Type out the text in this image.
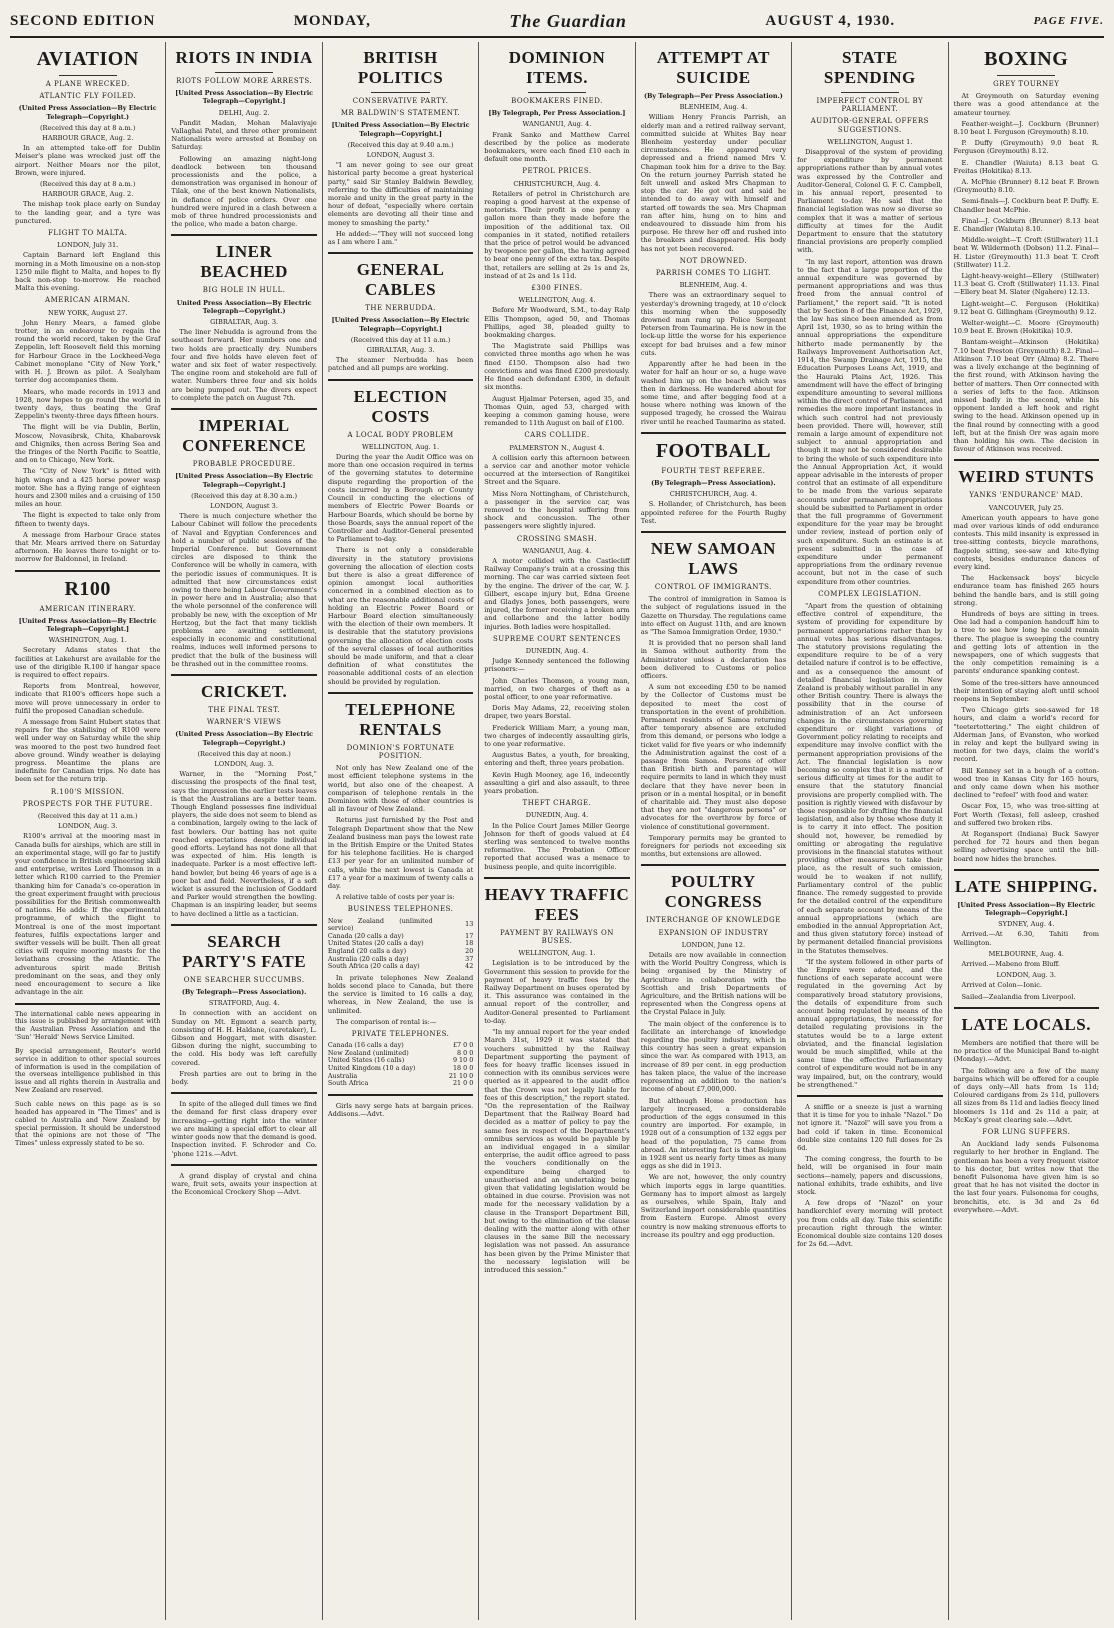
SECOND EDITION	MONDAY,	The Guardian	AUGUST 4, 1930.	PAGE FIVE.
AVIATION
A PLANE WRECKED.
ATLANTIC FLY FOILED.
(United Press Association—By Electric Telegraph—Copyright.)
(Received this day at 8 a.m.)
HARBOUR GRACE, Aug. 2.

In an attempted take-off for Dublin Meiser's plane was wrecked just off the airport. Neither Mears nor the pilot, Brown, were injured.

(Received this day at 8 a.m.)
HARBOUR GRACE, Aug. 2.

The mishap took place early on Sunday to the landing gear, and a tyre was punctured.

FLIGHT TO MALTA.
LONDON, July 31.

Captain Barnard left England this morning in a Moth limousine on a non-stop 1250 mile flight to Malta, and hopes to fly back non-stop to-morrow. He reached Malta this evening.

AMERICAN AIRMAN.
NEW YORK, August 27.

John Henry Mears, a famed globe trotter, in an endeavour to regain the round the world record, taken by the Graf Zeppelin, left Roosevelt field this morning for Harbour Grace in the Lockheed-Vega Cabinet monoplane "City of New York," with H. J. Brown as pilot. A Sealyham terrier dog accompanies them.

Mears, who made records in 1913 and 1928, now hopes to go round the world in twenty days, thus beating the Graf Zeppelin's twenty-three days fifteen hours.

The flight will be via Dublin, Berlin, Moscow, Novasibrsk, Chita, Khabarovsk and Chigniks, then across Bering Sea and the fringes of the North Pacific to Seattle, and on to Chicago, New York.

The "City of New York" is fitted with high wings and a 425 horse power wasp motor. She has a flying range of eighteen hours and 2300 miles and a cruising of 150 miles an hour.

The flight is expected to take only from fifteen to twenty days.

A message from Harbour Grace states that Mr. Mears arrived there on Saturday afternoon. He leaves there to-night or to-morrow for Baldonnel, in Ireland.

R100
AMERICAN ITINERARY.
[United Press Association—By Electric Telegraph—Copyright.]
WASHINGTON, Aug. 1.

Secretary Adams states that the facilities at Lakehurst are available for the use of the dirigible R.100 if hangar space is required to effect repairs.

Reports from Montreal, however, indicate that R100's officers hope such a move will prove unnecessary in order to fulfil the proposed Canadian schedule.

A message from Saint Hubert states that repairs for the stabilising of R100 were well under way on Saturday while the ship was moored to the post two hundred feet above ground. Windy weather is delaying progress. Meantime the plans are indefinite for Canadian trips. No date has been set for the return trip.

R.100'S MISSION.
PROSPECTS FOR THE FUTURE.
(Received this day at 11 a.m.)
LONDON, Aug. 3.

R100's arrival at the mooring mast in Canada bulls for airships, which are still in an experimental stage, will go far to justify your confidence in British engineering skill and enterprise, writes Lord Thomson in a letter which R100 carried to the Premier thanking him for Canada's co-operation in the great experiment fraught with precious possibilities for the British commonwealth of nations. He adds: If the experimental programme, of which the flight to Montreal is one of the most important features, fulfils expectations larger and swifter vessels will be built. Then all great cities will require mooring masts for the leviathans crossing the Atlantic. The adventurous spirit made British predominant on the seas, and they only need encouragement to secure a like advantage in the air.

The international cable news appearing in this issue is published by arrangement with the Australian Press Association and the 'Sun' 'Herald' News Service Limited.

By special arrangement, Reuter's world service in addition to other special sources of information is used in the compilation of the overseas intelligence published in this issue and all rights therein in Australia and New Zealand are reserved.

Such cable news on this page as is so headed has appeared in "The Times" and is cabled to Australia and New Zealand by special permission. It should be understood that the opinions are not those of "The Times" unless expressly stated to be so.

RIOTS IN INDIA
RIOTS FOLLOW MORE ARRESTS.
[United Press Association—By Electric Telegraph—Copyright.]
DELHI, Aug. 2.

Pandit Madan, Mohan Malaviyaje Vallaghai Patel, and three other prominent Nationalists were arrested at Bombay on Saturday.

Following an amazing night-long deadlock between ten thousand processionists and the police, a demonstration was organised in honour of Tilak, one of the best known Nationalists, in defiance of police orders. Over one hundred were injured in a clash between a mob of three hundred processionists and the police, who made a baton charge.

LINER BEACHED
BIG HOLE IN HULL.
United Press Association—By Electric Telegraph—Copyright.)
GIBRALTAR, Aug. 3.

The liner Nebudda is aground from the southeast forward. Her numbers one and two holds are practically dry. Numbers four and five holds have eleven feet of water and six feet of water respectively. The engine room and stokehold are full of water. Numbers three four and six holds are being pumped out. The divers expect to complete the patch on August 7th.

IMPERIAL CONFERENCE
PROBABLE PROCEDURE.
[United Press Association—By Electric Telegraph—Copyright.]
(Received this day at 8.30 a.m.)
LONDON, August 3.

There is much conjecture whether the Labour Cabinet will follow the precedents of Naval and Egyptian Conferences and hold a number of public sessions of the Imperial Conference. but Government circles are disposed to think the Conference will be wholly in camera, with the periodic issues of communiques. It is admitted that new circumstances exist owing to there being Labour Government's in power here and in Australia; also that the whole personnel of the conference will probably be new, with the exception of Mr Hertzog, but the fact that many ticklish problems are awaiting settlement, especially in economic and constitutional realms, induces well informed persons to predict that the bulk of the business will be thrashed out in the committee rooms.

CRICKET.
THE FINAL TEST.
WARNER'S VIEWS
(United Press Association—By Electric Telegraph—Copyright.)
(Received this day at noon.)
LONDON, Aug. 3.

Warner, in the "Morning Post," discussing the prospects of the final test, says the impression the earlier tests leaves is that the Australians are a better team. Though England possesses fine individual players, the side does not seem to blend as a combination, largely owing to the lack of fast bowlers. Our batting has not quite reached expectations despite individual good efforts. Leyland has not done all that was expected of him. His length is inadequate. Parker is a most effective left-hand bowler, but being 46 years of age is a poor bat and field. Nevertheless, if a soft wicket is assured the inclusion of Goddard and Parker would strengthen the bowling. Chapman is an inspiring leader, but seems to have declined a little as a tactician.

SEARCH PARTY'S FATE
ONE SEARCHER SUCCUMBS.
(By Telegraph—Press Association).
STRATFORD, Aug. 4.

In connection with an accident on Sunday on Mt. Egmont a search party, consisting of H. H. Haldane, (caretaker), L. Gibson and Hoggart, met with disaster. Gibson during the night, succumbing to the cold. His body was left carefully covered.

Fresh parties are out to bring in the body.

In spite of the alleged dull times we find the demand for first class drapery ever increasing—getting right into the winter we are making a special effort to clear all winter goods now that the demand is good. Inspection invited. F. Schroder and Co. 'phone 121s.—Advt.

A grand display of crystal and china ware, fruit sets, awaits your inspection at the Economical Crockery Shop —Advt.

BRITISH POLITICS
CONSERVATIVE PARTY.
MR BALDWIN'S STATEMENT.
[United Press Association—By Electric Telegraph—Copyright.]
(Received this day at 9.40 a.m.)
LONDON, August 3.

"I am never going to see our great historical party become a great hysterical party," said Sir Stanley Baldwin Bewdley, referring to the difficulties of maintaining morale and unity in the great party in the hour of defeat, "especially where certain elements are devoting all their time and money to smashing the party."

He added:—"They will not succeed long as I am where I am."

GENERAL CABLES
THE NERBUDDA.
[United Press Association—By Electric Telegraph—Copyright.]
(Received this day at 11 a.m.)
GIBRALTAR, Aug. 3.

The steamer Nerbudda has been patched and all pumps are working.

ELECTION COSTS
A LOCAL BODY PROBLEM
WELLINGTON, Aug. 1.

During the year the Audit Office was on more than one occasion required in terms of the governing statutes to determine dispute regarding the proportion of the costs incurred by a Borough or County Council in conducting the elections of members of Electric Power Boards or Harbour Boards, which should be borne by those Boards, says the annual report of the Controller and Auditor-General presented to Parliament to-day.

There is not only a considerable diversity in the statutory provisions governing the allocation of election costs but there is also a great difference of opinion amongst local authorities concerned in a combined election as to what are the reasonable additional costs of holding an Electric Power Board or Harbour Board election simultaneously with the election of their own members. It is desirable that the statutory provisions governing the allocation of election costs of the several classes of local authorities should be made uniform, and that a clear definition of what constitutes the reasonable additional costs of an election should be provided by regulation.

TELEPHONE RENTALS
DOMINION'S FORTUNATE POSITION.

Not only has New Zealand one of the most efficient telephone systems in the world, but also one of the cheapest. A comparison of telephone rentals in the Dominion with those of other countries is all in favour of New Zealand.

Returns just furnished by the Post and Telegraph Department show that the New Zealand business man pays the lowest rate in the British Empire or the United States for his telephone facilities. He is charged £13 per year for an unlimited number of calls, while the next lowest is Canada at £17 a year for a maximum of twenty calls a day.

A relative table of costs per year is:

BUSINESS TELEPHONES.
New Zealand (unlimited service)	13
Canada (20 calls a day)	17
United States (20 calls a day)	18
England (20 calls a day)	20
Australia (20 calls a day)	37
South Africa (20 calls a day)	42

In private telephones New Zealand holds second place to Canada, but there the service is limited to 16 calls a day, whereas, in New Zealand, the use is unlimited.

The comparison of rental is:—

PRIVATE TELEPHONES.
Canada (16 calls a day)	£7 0 0
New Zealand (unlimited)	8 0 0
United States (16 calls)	9 10 0
United Kingdom (10 a day)	18 0 0
Australia	21 10 0
South Africa	21 0 0

Girls navy serge hats at bargain prices. Addisons.—Advt.

DOMINION ITEMS.
BOOKMAKERS FINED.
[By Telegraph, Per Press Association.]
WANGANUI, Aug. 4.

Frank Sanko and Matthew Carrel described by the police as moderate bookmakers, were each fined £10 each in default one month.

PETROL PRICES.
CHRISTCHURCH, Aug. 4.

Retailers of petrol in Christchurch are reaping a good harvest at the expense of motorists. Their profit is one penny a gallon more than they made before the imposition of the additional tax. Oil companies in it stated, notified retailers that the price of petrol would be advanced by twopence per gallon, the having agreed to bear one penny of the extra tax. Despite that, retailers are selling at 2s 1s and 2s, instead of at 2s and 1s 11d.

£300 FINES.
WELLINGTON, Aug. 4.

Before Mr Woodward, S.M., to-day Ralp Ellis Thompson, aged 50, and Thomas Phillips, aged 38, pleaded guilty to bookmaking charges.

The Magistrate said Phillips was convicted three months ago when he was fined £150. Thompson also had two convictions and was fined £200 previously. He fined each defendant £300, in default six months.

August Hjalmar Petersen, aged 35, and Thomas Quin, aged 53, charged with keeping a common gaming house, were remanded to 11th August on bail of £100.

CARS COLLIDE.
PALMERSTON N., August 4.

A collision early this afternoon between a service car and another motor vehicle occurred at the intersection of Rangitikei Street and the Square.

Miss Nora Nottingham, of Christchurch, a passenger in the service car, was removed to the hospital suffering from shock and concussion. The other passengers were slightly injured.

CROSSING SMASH.
WANGANUI, Aug. 4.

A motor collided with the Castlecliff Railway Company's train at a crossing this morning. The car was carried sixteen feet by the engine. The driver of the car, W. J. Gilbert, escape injury but, Edna Greene and Gladys Jones, both passengers, were injured, the former receiving a broken arm and collarbone and the latter bodily injuries. Both ladies were hospitalled.

SUPREME COURT SENTENCES
DUNEDIN, Aug. 4.

Judge Kennedy sentenced the following prisoners:—

John Charles Thomson, a young man, married, on two charges of theft as a postal officer, to one year reformative.

Doris May Adams, 22, receiving stolen draper, two years Borstal.

Frederick William Marr, a young man, two charges of indecently assaulting girls, to one year reformative.

Augustus Bates, a youth, for breaking, entering and theft, three years probation.

Kevin Hugh Mooney, age 16, indecently assaulting a girl and also assault, to three years probation.

THEFT CHARGE.
DUNEDIN, Aug. 4.

In the Police Court James Miller George Johnson for theft of goods valued at £4 sterling was sentenced to twelve months reformative. The Probation Officer reported that accused was a menace to business people, and quite incorrigible.

HEAVY TRAFFIC FEES
PAYMENT BY RAILWAYS ON BUSES.
WELLINGTON, Aug. 1.

Legislation is to be introduced by the Government this session to provide for the payment of heavy traffic fees by the Railway Department on buses operated by it. This assurance was contained in the annual report of the controller, and Auditor-General presented to Parliament to-day.

"In my annual report for the year ended March 31st, 1929 it was stated that vouchers submitted by the Railway Department supporting the payment of fees for heavy traffic licenses issued in connection with its omnibus services were queried as it appeared to the audit office that the Crown was not legally liable for fees of this description," the report stated. "On the representation of the Railway Department that the Railway Board had decided as a matter of policy to pay the same fees in respect of the Department's omnibus services as would be payable by an individual engaged in a similar enterprise, the audit office agreed to pass the vouchers conditionally on the expenditure being charged to unauthorised and an undertaking being given that validating legislation would be obtained in due course. Provision was not made for the necessary validation by a clause in the Transport Department Bill, but owing to the elimination of the clause dealing with the matter along with other clauses in the same Bill the necessary legislation was not passed. An assurance has been given by the Prime Minister that the necessary legislation will be introduced this session."

ATTEMPT AT SUICIDE
(By Telegraph—Per Press Association.)
BLENHEIM, Aug. 4.

William Henry Francis Parrish, an elderly man and a retired railway servant, committed suicide at Whites Bay near Blenheim yesterday under peculiar circumstances. He appeared very depressed and a friend named Mrs V. Chapman took him for a drive to the Bay. On the return journey Parrish stated he felt unwell and asked Mrs Chapman to stop the car. He got out and said he intended to do away with himself and started off towards the sea. Mrs Chapman ran after him, hung on to him and endeavoured to dissuade him from his purpose. He threw her off and rushed into the breakers and disappeared. His body has not yet been recovered.

NOT DROWNED.
PARRISH COMES TO LIGHT.
BLENHEIM, Aug. 4.

There was an extraordinary sequel to yesterday's drowning tragedy, at 10 o'clock this morning when the supposedly drowned man rang up Police Sergeant Petersen from Taumarina. He is now in the lock-up little the worse for his experience except for bad bruises and a few minor cuts.

Apparently after he had been in the water for half an hour or so, a huge wave washed him up on the beach which was then in darkness. He wandered about for some time, and after begging food at a house where nothing was known of the supposed tragedy, he crossed the Wairau river until he reached Taumarina as stated.

FOOTBALL
FOURTH TEST REFEREE.
(By Telegraph—Press Association).
CHRISTCHURCH, Aug. 4.

S. Hollander, of Christchurch, has been appointed referee for the Fourth Rugby Test.

NEW SAMOAN LAWS
CONTROL OF IMMIGRANTS.

The control of immigration in Samoa is the subject of regulations issued in the Gazette on Thursday. The regulations came into effect on August 11th, and are known as "The Samoa Immigration Order, 1930."

It is provided that no person shall land in Samoa without authority from the Administrator unless a declaration has been delivered to Customs or police officers.

A sum not exceeding £50 to be named by the Collector of Customs must be deposited to meet the cost of transportation in the event of prohibition. Permanent residents of Samoa returning after temporary absence are excluded from this demand, or persons who lodge a ticket valid for five years or who indemnify the Administration against the cost of a passage from Samoa. Persons of other than British birth and parentage will require permits to land in which they must declare that they have never been in prison or in a mental hospital, or in benefit of charitable aid. They must also depose that they are not "dangerous persons" or advocates for the overthrow by force of violence of constitutional government.

Temporary permits may be granted to foreigners for periods not exceeding six months, but extensions are allowed.

POULTRY CONGRESS
INTERCHANGE OF KNOWLEDGE
EXPANSION OF INDUSTRY
LONDON, June 12.

Details are now available in connection with the World Poultry Congress, which is being organised by the Ministry of Agriculture in collaboration with the Scottish and Irish Departments of Agriculture, and the British nations will be represented when the Congress opens at the Crystal Palace in July.

The main object of the conference is to facilitate an interchange of knowledge regarding the poultry industry, which in this country has seen a great expansion since the war. As compared with 1913, an increase of 89 per cent. in egg production has taken place, the value of the increase representing an addition to the nation's income of about £7,000,000.

But although Home production has largely increased, a considerable production of the eggs consumed in this country are imported. For example, in 1928 out of a consumption of 132 eggs per head of the population, 75 came from abroad. An interesting fact is that Belgium in 1928 sent us nearly forty times as many eggs as she did in 1913.

We are not, however, the only country which imports eggs in large quantities. Germany has to import almost as largely as ourselves, while Spain, Italy and Switzerland import considerable quantities from Eastern Europe. Almost every country is now making strenuous efforts to increase its poultry and egg production.

STATE SPENDING
IMPERFECT CONTROL BY PARLIAMENT.
AUDITOR-GENERAL OFFERS SUGGESTIONS.
WELLINGTON, August 1.

Disapproval of the system of providing for expenditure by permanent appropriations rather than by annual votes was expressed by the Controller and Auditor-General, Colonel G. F. C. Campbell, in his annual report, presented to Parliament to-day. He said that the financial legislation was now so diverse so complex that it was a matter of serious difficulty at times for the Audit Department to ensure that the statutory financial provisions are properly complied with.

"In my last report, attention was drawn to the fact that a large proportion of the annual expenditure was governed by permanent appropriations and was thus freed from the annual control of Parliament," the report said. "It is noted that by Section 8 of the Finance Act, 1929, the law has since been amended as from April 1st, 1930, so as to bring within the annual appropriations the expenditure hitherto made permanently by the Railways Improvement Authorisation Act, 1914, the Swamp Drainage Act, 1915, the Education Purposes Loans Act, 1919, and the Hauraki Plains Act, 1926. This amendment will have the effect of bringing expenditure amounting to several millions within the direct control of Parliament, and remedies the more important instances in which such control had not previously been provided. There will, however, still remain a large amount of expenditure not subject to annual appropriation and though it may not be considered desirable to bring the whole of such expenditure into the Annual Appropriation Act, it would appear advisable in the interests of proper control that an estimate of all expenditure to be made from the various separate accounts under permanent appropriations should be submitted to Parliament in order that the full programme of Government expenditure for the year may be brought under review, instead of portion only of such expenditure. Such an estimate is at present submitted in the case of expenditure under permanent appropriations from the ordinary revenue account, but not in the case of such expenditure from other countries.

COMPLEX LEGISLATION.

"Apart from the question of obtaining effective control of expenditure, the system of providing for expenditure by permanent appropriations rather than by annual votes has serious disadvantages. The statutory provisions regulating the expenditure require to be of a very detailed nature if control is to be effective, and as a consequence the amount of detailed financial legislation in New Zealand is probably without parallel in any other British country. There is always the possibility that in the course of administration of an Act unforseen changes in the circumstances governing expenditure or slight variations of Government policy relating to receipts and expenditure may involve conflict with the permanent appropriation provisions of the Act. The financial legislation is now becoming so complex that it is a matter of serious difficulty at times for the audit to ensure that the statutory financial provisions are properly complied with. The position is rightly viewed with disfavour by those responsible for drafting the financial legislation, and also by those whose duty it is to carry it into effect. The position should not, however, be remedied by omitting or abrogating the regulative provisions in the financial statutes without providing other measures to take their place, as the result of such omission, would be to weaken if not nullify, Parliamentary control of the public finance. The remedy suggested to provide for the detailed control of the expenditure of each separate account by means of the annual appropriations (which are embodied in the annual Appropriation Act, and thus given statutory force) instead of by permanent detailed financial provisions in the Statutes themselves.

"If the system followed in other parts of the Empire were adopted, and the functions of each separate account were regulated in the governing Act by comparatively broad statutory provisions, the details of expenditure from such account being regulated by means of the annual appropriations, the necessity for detailed regulating provisions in the statutes would be to a large extent obviated, and the financial legislation would be much simplified, while at the same time the effective Parliamentary control of expenditure would not be in any way impaired, but, on the contrary, would be strengthened."

A sniffle or a sneeze is just a warning that it is time for you to inhale "Nazol." Do not ignore it. "Nazol" will save you from a bad cold if taken in time. Economical double size contains 120 full doses for 2s 6d.

The coming congress, the fourth to be held, will be organised in four main sections—namely, papers and discussions, national exhibits, trade exhibits, and live stock.

A few drops of "Nazol" on your handkerchief every morning will protect you from colds all day. Take this scientific precaution right through the winter. Economical double size contains 120 doses for 2s 6d.—Advt.

BOXING
GREY TOURNEY

At Greymouth on Saturday evening there was a good attendance at the amateur tourney.

Feather-weight—J. Cockburn (Brunner) 8.10 beat I. Ferguson (Greymouth) 8.10.

P. Duffy (Greymouth) 9.0 beat R. Ferguson (Greymouth) 8.12.

E. Chandler (Waiuta) 8.13 beat G. Freitas (Hokitika) 8.13.

A. McPhie (Brunner) 8.12 beat F. Brown (Greymouth) 8.10.

Semi-finals—J. Cockburn beat P. Duffy. E. Chandler beat McPhie.

Final—J. Cockburn (Brunner) 8.13 beat E. Chandler (Waiuta) 8.10.

Middle-weight—T. Croft (Stillwater) 11.1 beat W. Wildermoth (Dobson) 11.2. Final—H. Lister (Greymouth) 11.3 beat T. Croft (Stillwater) 11.2.

Light-heavy-weight—Ellery (Stillwater) 11.3 beat G. Croft (Stillwater) 11.13. Final—Ellery beat M. Slater (Ngahere) 12.13.

Light-weight—C. Ferguson (Hokitika) 9.12 beat G. Gillingham (Greymouth) 9.12.

Welter-weight—C. Moore (Greymouth) 10.9 beat E. Brown (Hokitika) 10.9.

Bantam-weight—Atkinson (Hokitika) 7.10 beat Preston (Greymouth) 8.2. Final—Atkinson 7.10 beat Orr (Alma) 8.2. There was a lively exchange at the beginning of the first round, with Atkinson having the better of matters. Then Orr connected with a series of lefts to the face. Atkinson missed badly in the second, while his opponent landed a left hook and right swing to the head. Atkinson opened up in the final round by connecting with a good left, but at the finish Orr was again more than holding his own. The decision in favour of Atkinson was received.

WEIRD STUNTS
YANKS 'ENDURANCE' MAD.
VANCOUVER, July 25.

American youth appears to have gone mad over various kinds of odd endurance contests. This mild insanity is expressed in tree-sitting contests, bicycle marathons, flagpole sitting, see-saw and kite-flying contests, besides endurance dances of every kind.

The Hackensack boys' bicycle endurance team has finished 265 hours behind the handle bars, and is still going strong.

Hundreds of boys are sitting in trees. One lad had a companion handcuff him to a tree to see how long he could remain there. The plague is sweeping the country and getting lots of attention in the newspapers, one of which suggests that the only competition remaining is a parents' endurance spanking contest.

Some of the tree-sitters have announced their intention of staying aloft until school reopens in September.

Two Chicago girls see-sawed for 18 hours, and claim a world's record for "teetertottering." The eight children of Alderman Jans, of Evanston, who worked in relay and kept the bullyard swing in motion for two days, claim the world's record.

Bill Kenney set in a bough of a cotton-wood tree in Kansas City for 165 hours, and only came down when his mother declined to "refeel" with food and water.

Oscar Fox, 15, who was tree-sitting at Fort Worth (Texas), fell asleep, crashed and suffered two broken ribs.

At Rogansport (Indiana) Buck Sawyer perched for 72 hours and then began selling advertising space until the bill-board now hides the branches.

LATE SHIPPING.
[United Press Association—By Electric Telegraph—Copyright.]
SYDNEY, Aug. 4.

Arrived.—At 6.30, Tahiti from Wellington.

MELBOURNE, Aug. 4.

Arrived.—Mabeno from Bluff.

LONDON, Aug. 3.

Arrived at Colon—Ionic.

Sailed—Zealandia from Liverpool.

LATE LOCALS.

Members are notified that there will be no practice of the Municipal Band to-night (Monday).—Advt.

The following are a few of the many bargains which will be offered for a couple of days only—All hats from 1s 11d; Coloured cardigans from 2s 11d, pullovers all sizes from 8s 11d and ladies fleecy lined bloomers 1s 11d and 2s 11d a pair, at McKay's great clearing sale.—Advt.

FOR LUNG SUFFERS.

An Auckland lady sends Fulsonoma regularly to her brother in England. The gentleman has been a very frequent visitor to his doctor, but writes now that the benefit Fulsonoma have given him is so great that he has not visited the doctor in the last four years. Fulsonoma for coughs, bronchitis, etc. is 3d and 2s 6d everywhere.—Advt.
